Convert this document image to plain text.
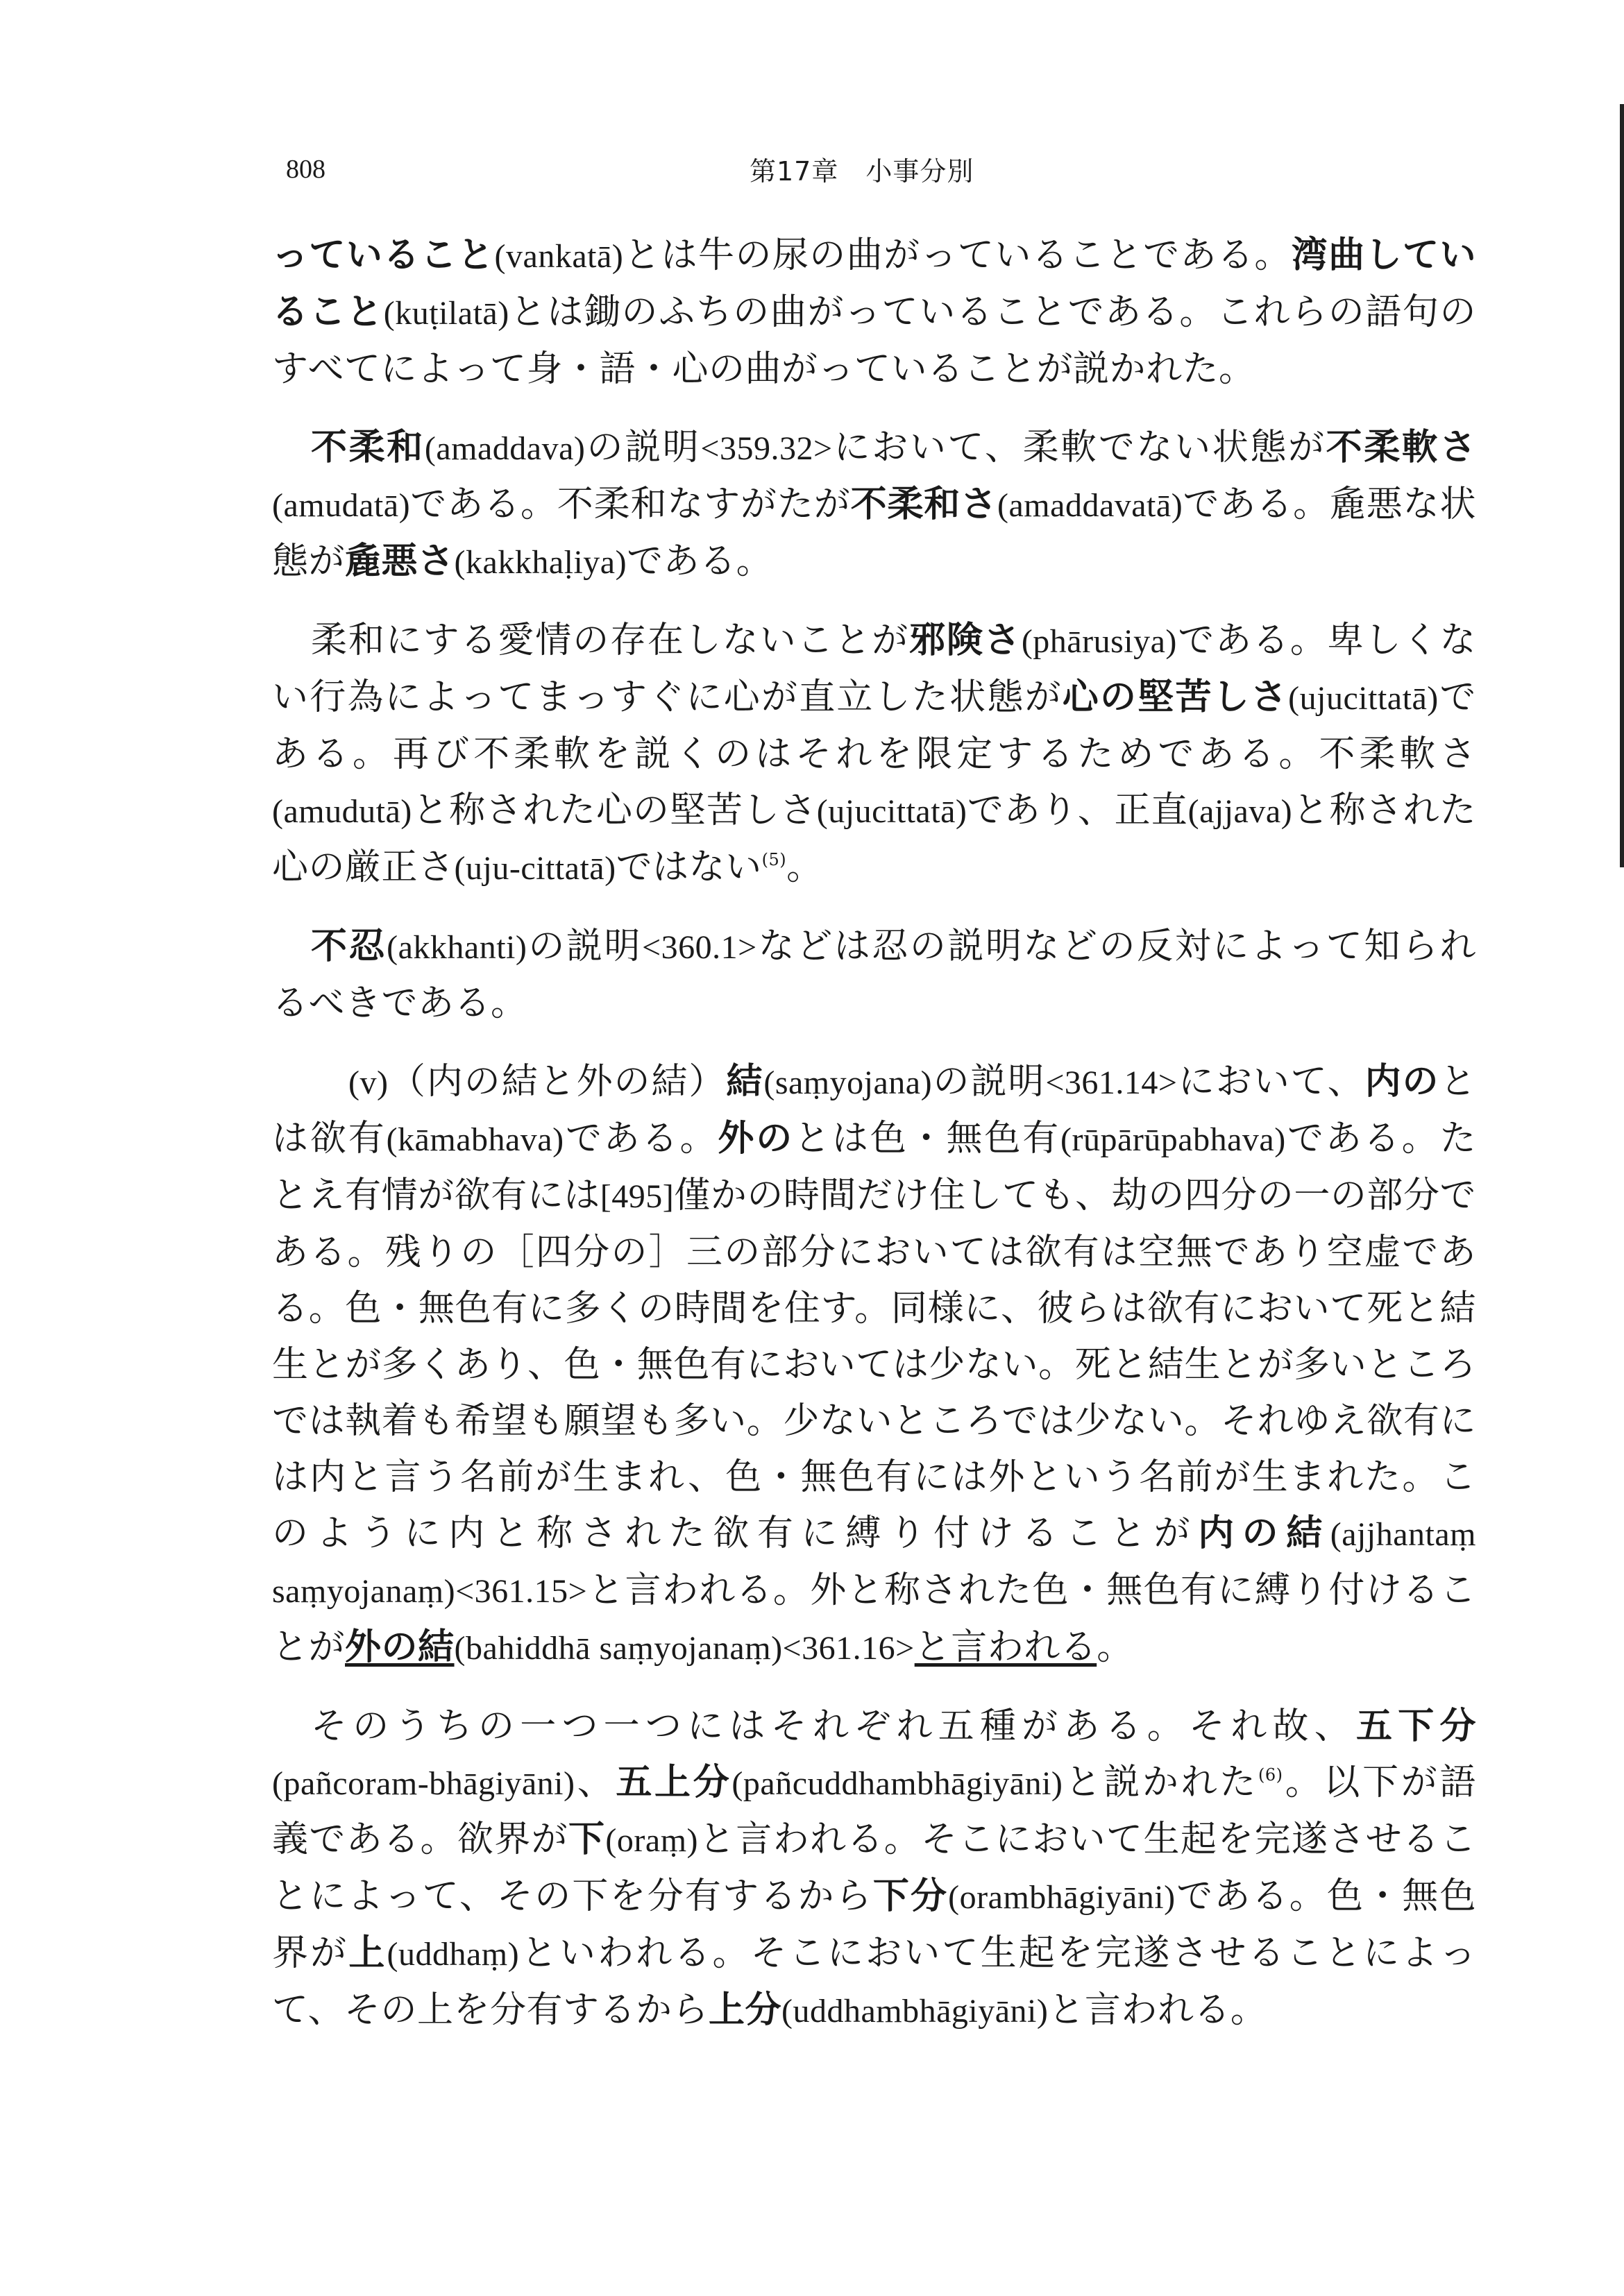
808	第17章　小事分別

っていること(vankatā)とは牛の尿の曲がっていることである。湾曲していること(kuṭilatā)とは鋤のふちの曲がっていることである。これらの語句のすべてによって身・語・心の曲がっていることが説かれた。

不柔和(amaddava)の説明<359.32>において、柔軟でない状態が不柔軟さ(amudatā)である。不柔和なすがたが不柔和さ(amaddavatā)である。麁悪な状態が麁悪さ(kakkhaḷiya)である。

柔和にする愛情の存在しないことが邪険さ(phārusiya)である。卑しくない行為によってまっすぐに心が直立した状態が心の堅苦しさ(ujucittatā)である。再び不柔軟を説くのはそれを限定するためである。不柔軟さ(amudutā)と称された心の堅苦しさ(ujucittatā)であり、正直(ajjava)と称された心の厳正さ(uju-cittatā)ではない$^{(5)}$。

不忍(akkhanti)の説明<360.1>などは忍の説明などの反対によって知られるべきである。

(v)（内の結と外の結）結(saṃyojana)の説明<361.14>において、内のとは欲有(kāmabhava)である。外のとは色・無色有(rūpārūpabhava)である。たとえ有情が欲有には[495]僅かの時間だけ住しても、劫の四分の一の部分である。残りの［四分の］三の部分においては欲有は空無であり空虚である。色・無色有に多くの時間を住す。同様に、彼らは欲有において死と結生とが多くあり、色・無色有においては少ない。死と結生とが多いところでは執着も希望も願望も多い。少ないところでは少ない。それゆえ欲有には内と言う名前が生まれ、色・無色有には外という名前が生まれた。このように内と称された欲有に縛り付けることが内の結(ajjhantaṃ saṃyojanaṃ)<361.15>と言われる。外と称された色・無色有に縛り付けることが外の結(bahiddhā saṃyojanaṃ)<361.16>と言われる。

そのうちの一つ一つにはそれぞれ五種がある。それ故、五下分(pañcoram-bhāgiyāni)、五上分(pañcuddhambhāgiyāni)と説かれた$^{(6)}$。以下が語義である。欲界が下(oraṃ)と言われる。そこにおいて生起を完遂させることによって、その下を分有するから下分(orambhāgiyāni)である。色・無色界が上(uddhaṃ)といわれる。そこにおいて生起を完遂させることによって、その上を分有するから上分(uddhambhāgiyāni)と言われる。
